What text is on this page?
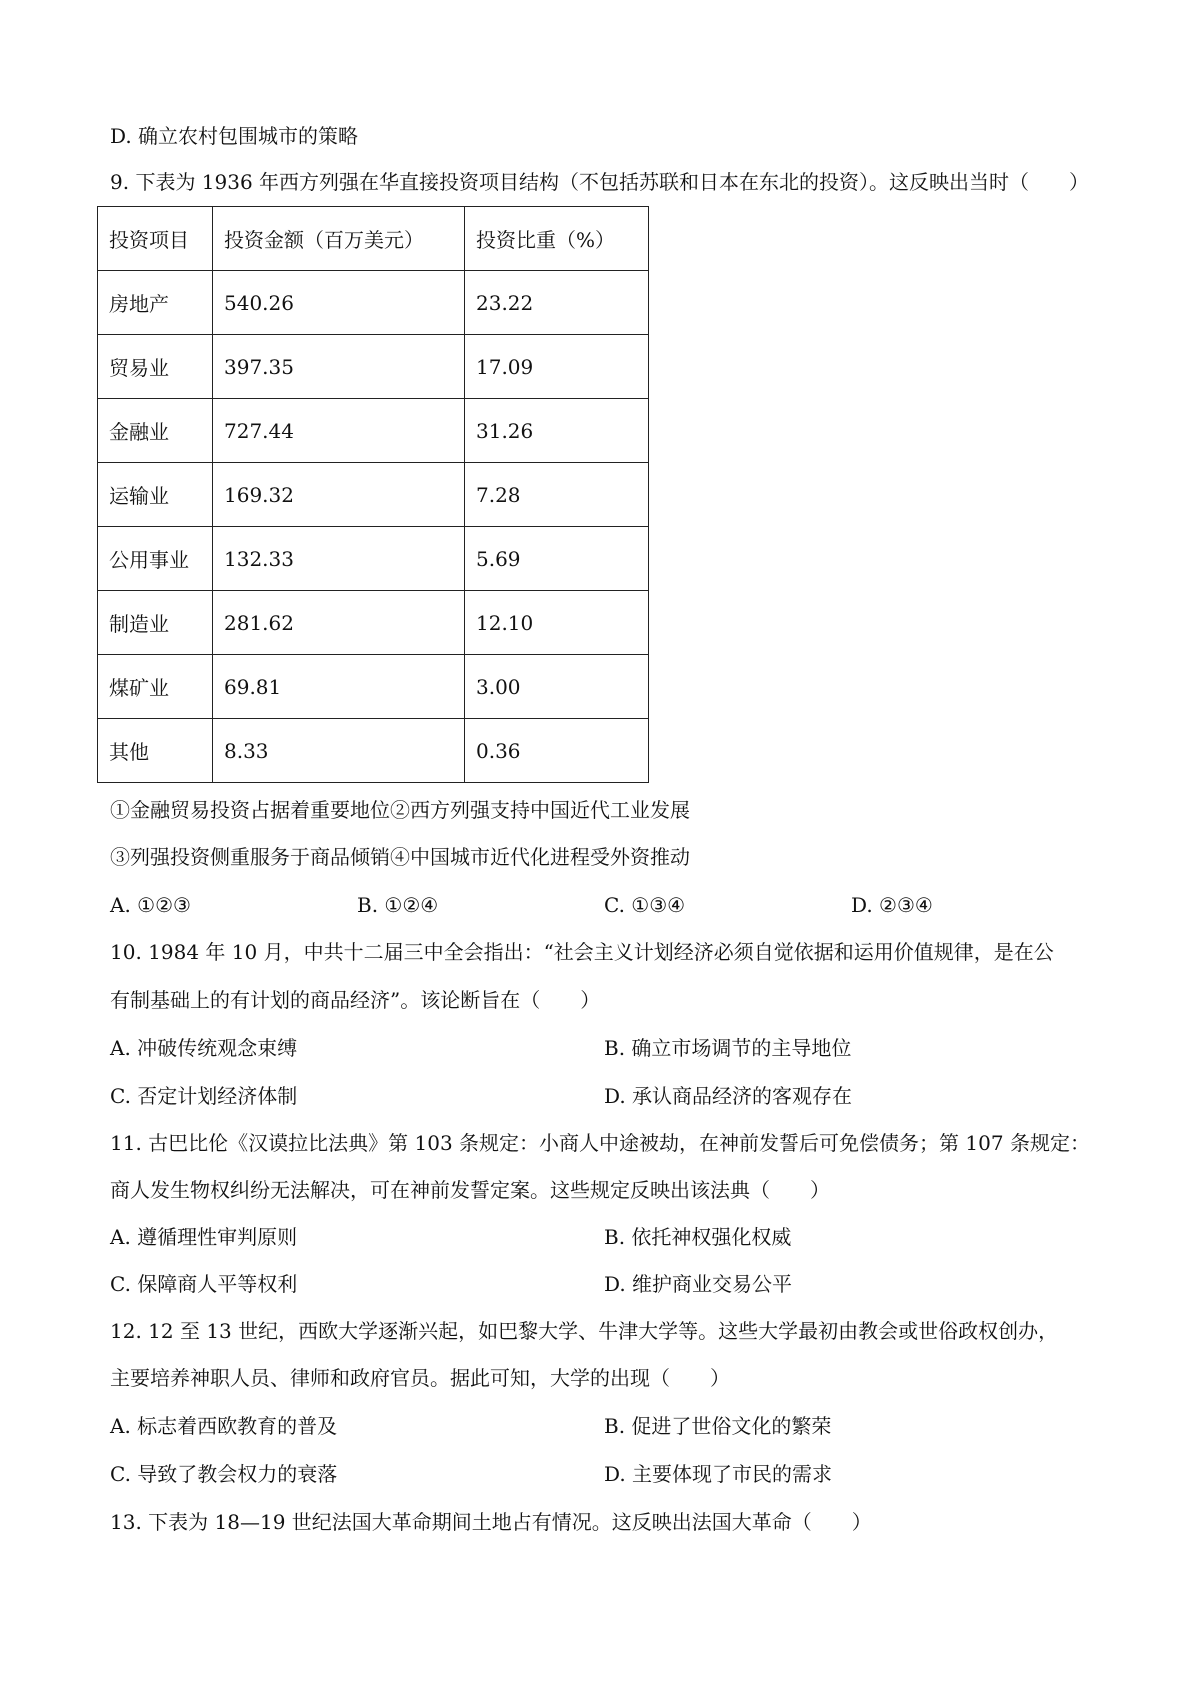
D. 确立农村包围城市的策略
9. 下表为 1936 年西方列强在华直接投资项目结构（不包括苏联和日本在东北的投资）。这反映出当时（　　）
投资项目	投资金额（百万美元）	投资比重（%）
房地产	540.26	23.22
贸易业	397.35	17.09
金融业	727.44	31.26
运输业	169.32	7.28
公用事业	132.33	5.69
制造业	281.62	12.10
煤矿业	69.81	3.00
其他	8.33	0.36
①金融贸易投资占据着重要地位②西方列强支持中国近代工业发展
③列强投资侧重服务于商品倾销④中国城市近代化进程受外资推动
A. ①②③	B. ①②④	C. ①③④	D. ②③④
10. 1984 年 10 月，中共十二届三中全会指出：“社会主义计划经济必须自觉依据和运用价值规律，是在公
有制基础上的有计划的商品经济”。该论断旨在（　　）
A. 冲破传统观念束缚	B. 确立市场调节的主导地位
C. 否定计划经济体制	D. 承认商品经济的客观存在
11. 古巴比伦《汉谟拉比法典》第 103 条规定：小商人中途被劫，在神前发誓后可免偿债务；第 107 条规定：
商人发生物权纠纷无法解决，可在神前发誓定案。这些规定反映出该法典（　　）
A. 遵循理性审判原则	B. 依托神权强化权威
C. 保障商人平等权利	D. 维护商业交易公平
12. 12 至 13 世纪，西欧大学逐渐兴起，如巴黎大学、牛津大学等。这些大学最初由教会或世俗政权创办，
主要培养神职人员、律师和政府官员。据此可知，大学的出现（　　）
A. 标志着西欧教育的普及	B. 促进了世俗文化的繁荣
C. 导致了教会权力的衰落	D. 主要体现了市民的需求
13. 下表为 18—19 世纪法国大革命期间土地占有情况。这反映出法国大革命（　　）
